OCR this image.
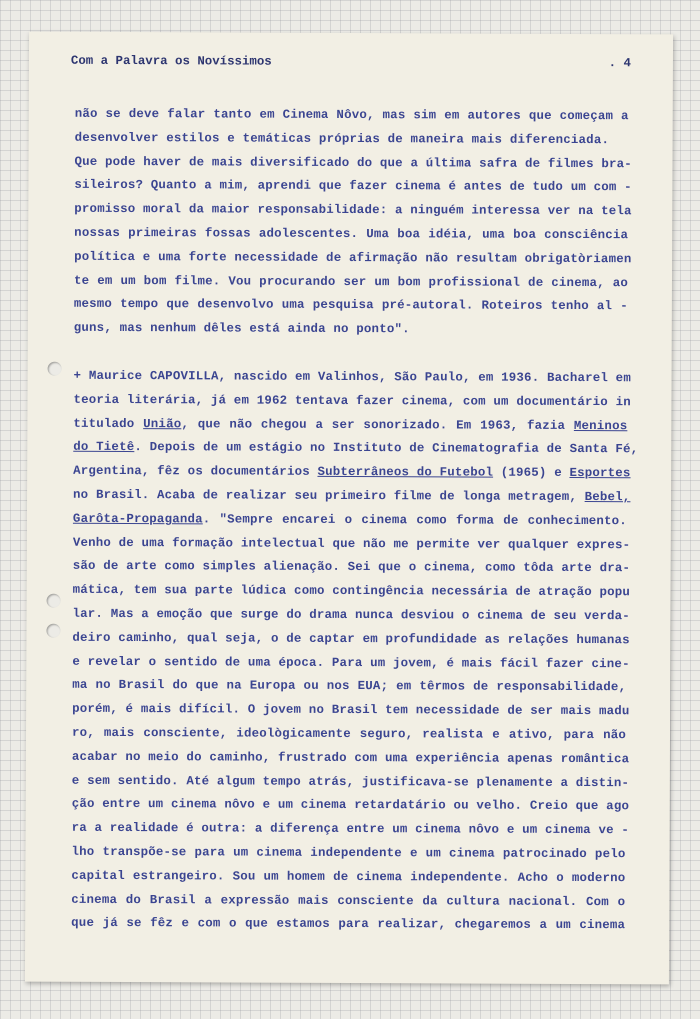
Com a Palavra os Novíssimos	. 4
não se deve falar tanto em Cinema Nôvo, mas sim em autores que começam a
desenvolver estilos e temáticas próprias de maneira mais diferenciada.
Que pode haver de mais diversificado do que a última safra de filmes bra-
sileiros? Quanto a mim, aprendi que fazer cinema é antes de tudo um com -
promisso moral da maior responsabilidade: a ninguém interessa ver na tela
nossas primeiras fossas adolescentes. Uma boa idéia, uma boa consciência
política e uma forte necessidade de afirmação não resultam obrigatòriamen
te em um bom filme. Vou procurando ser um bom profissional de cinema, ao
mesmo tempo que desenvolvo uma pesquisa pré-autoral. Roteiros tenho al -
guns, mas nenhum dêles está ainda no ponto".
+ Maurice CAPOVILLA, nascido em Valinhos, São Paulo, em 1936. Bacharel em
teoria literária, já em 1962 tentava fazer cinema, com um documentário in
titulado União, que não chegou a ser sonorizado. Em 1963, fazia Meninos
do Tietê. Depois de um estágio no Instituto de Cinematografia de Santa Fé,
Argentina, fêz os documentários Subterrâneos do Futebol (1965) e Esportes
no Brasil. Acaba de realizar seu primeiro filme de longa metragem, Bebel,
Garôta-Propaganda. "Sempre encarei o cinema como forma de conhecimento.
Venho de uma formação intelectual que não me permite ver qualquer expres-
são de arte como simples alienação. Sei que o cinema, como tôda arte dra-
mática, tem sua parte lúdica como contingência necessária de atração popu
lar. Mas a emoção que surge do drama nunca desviou o cinema de seu verda-
deiro caminho, qual seja, o de captar em profundidade as relações humanas
e revelar o sentido de uma época. Para um jovem, é mais fácil fazer cine-
ma no Brasil do que na Europa ou nos EUA; em têrmos de responsabilidade,
porém, é mais difícil. O jovem no Brasil tem necessidade de ser mais madu
ro, mais consciente, ideològicamente seguro, realista e ativo, para não
acabar no meio do caminho, frustrado com uma experiência apenas romântica
e sem sentido. Até algum tempo atrás, justificava-se plenamente a distin-
ção entre um cinema nôvo e um cinema retardatário ou velho. Creio que ago
ra a realidade é outra: a diferença entre um cinema nôvo e um cinema ve -
lho transpõe-se para um cinema independente e um cinema patrocinado pelo
capital estrangeiro. Sou um homem de cinema independente. Acho o moderno
cinema do Brasil a expressão mais consciente da cultura nacional. Com o
que já se fêz e com o que estamos para realizar, chegaremos a um cinema
